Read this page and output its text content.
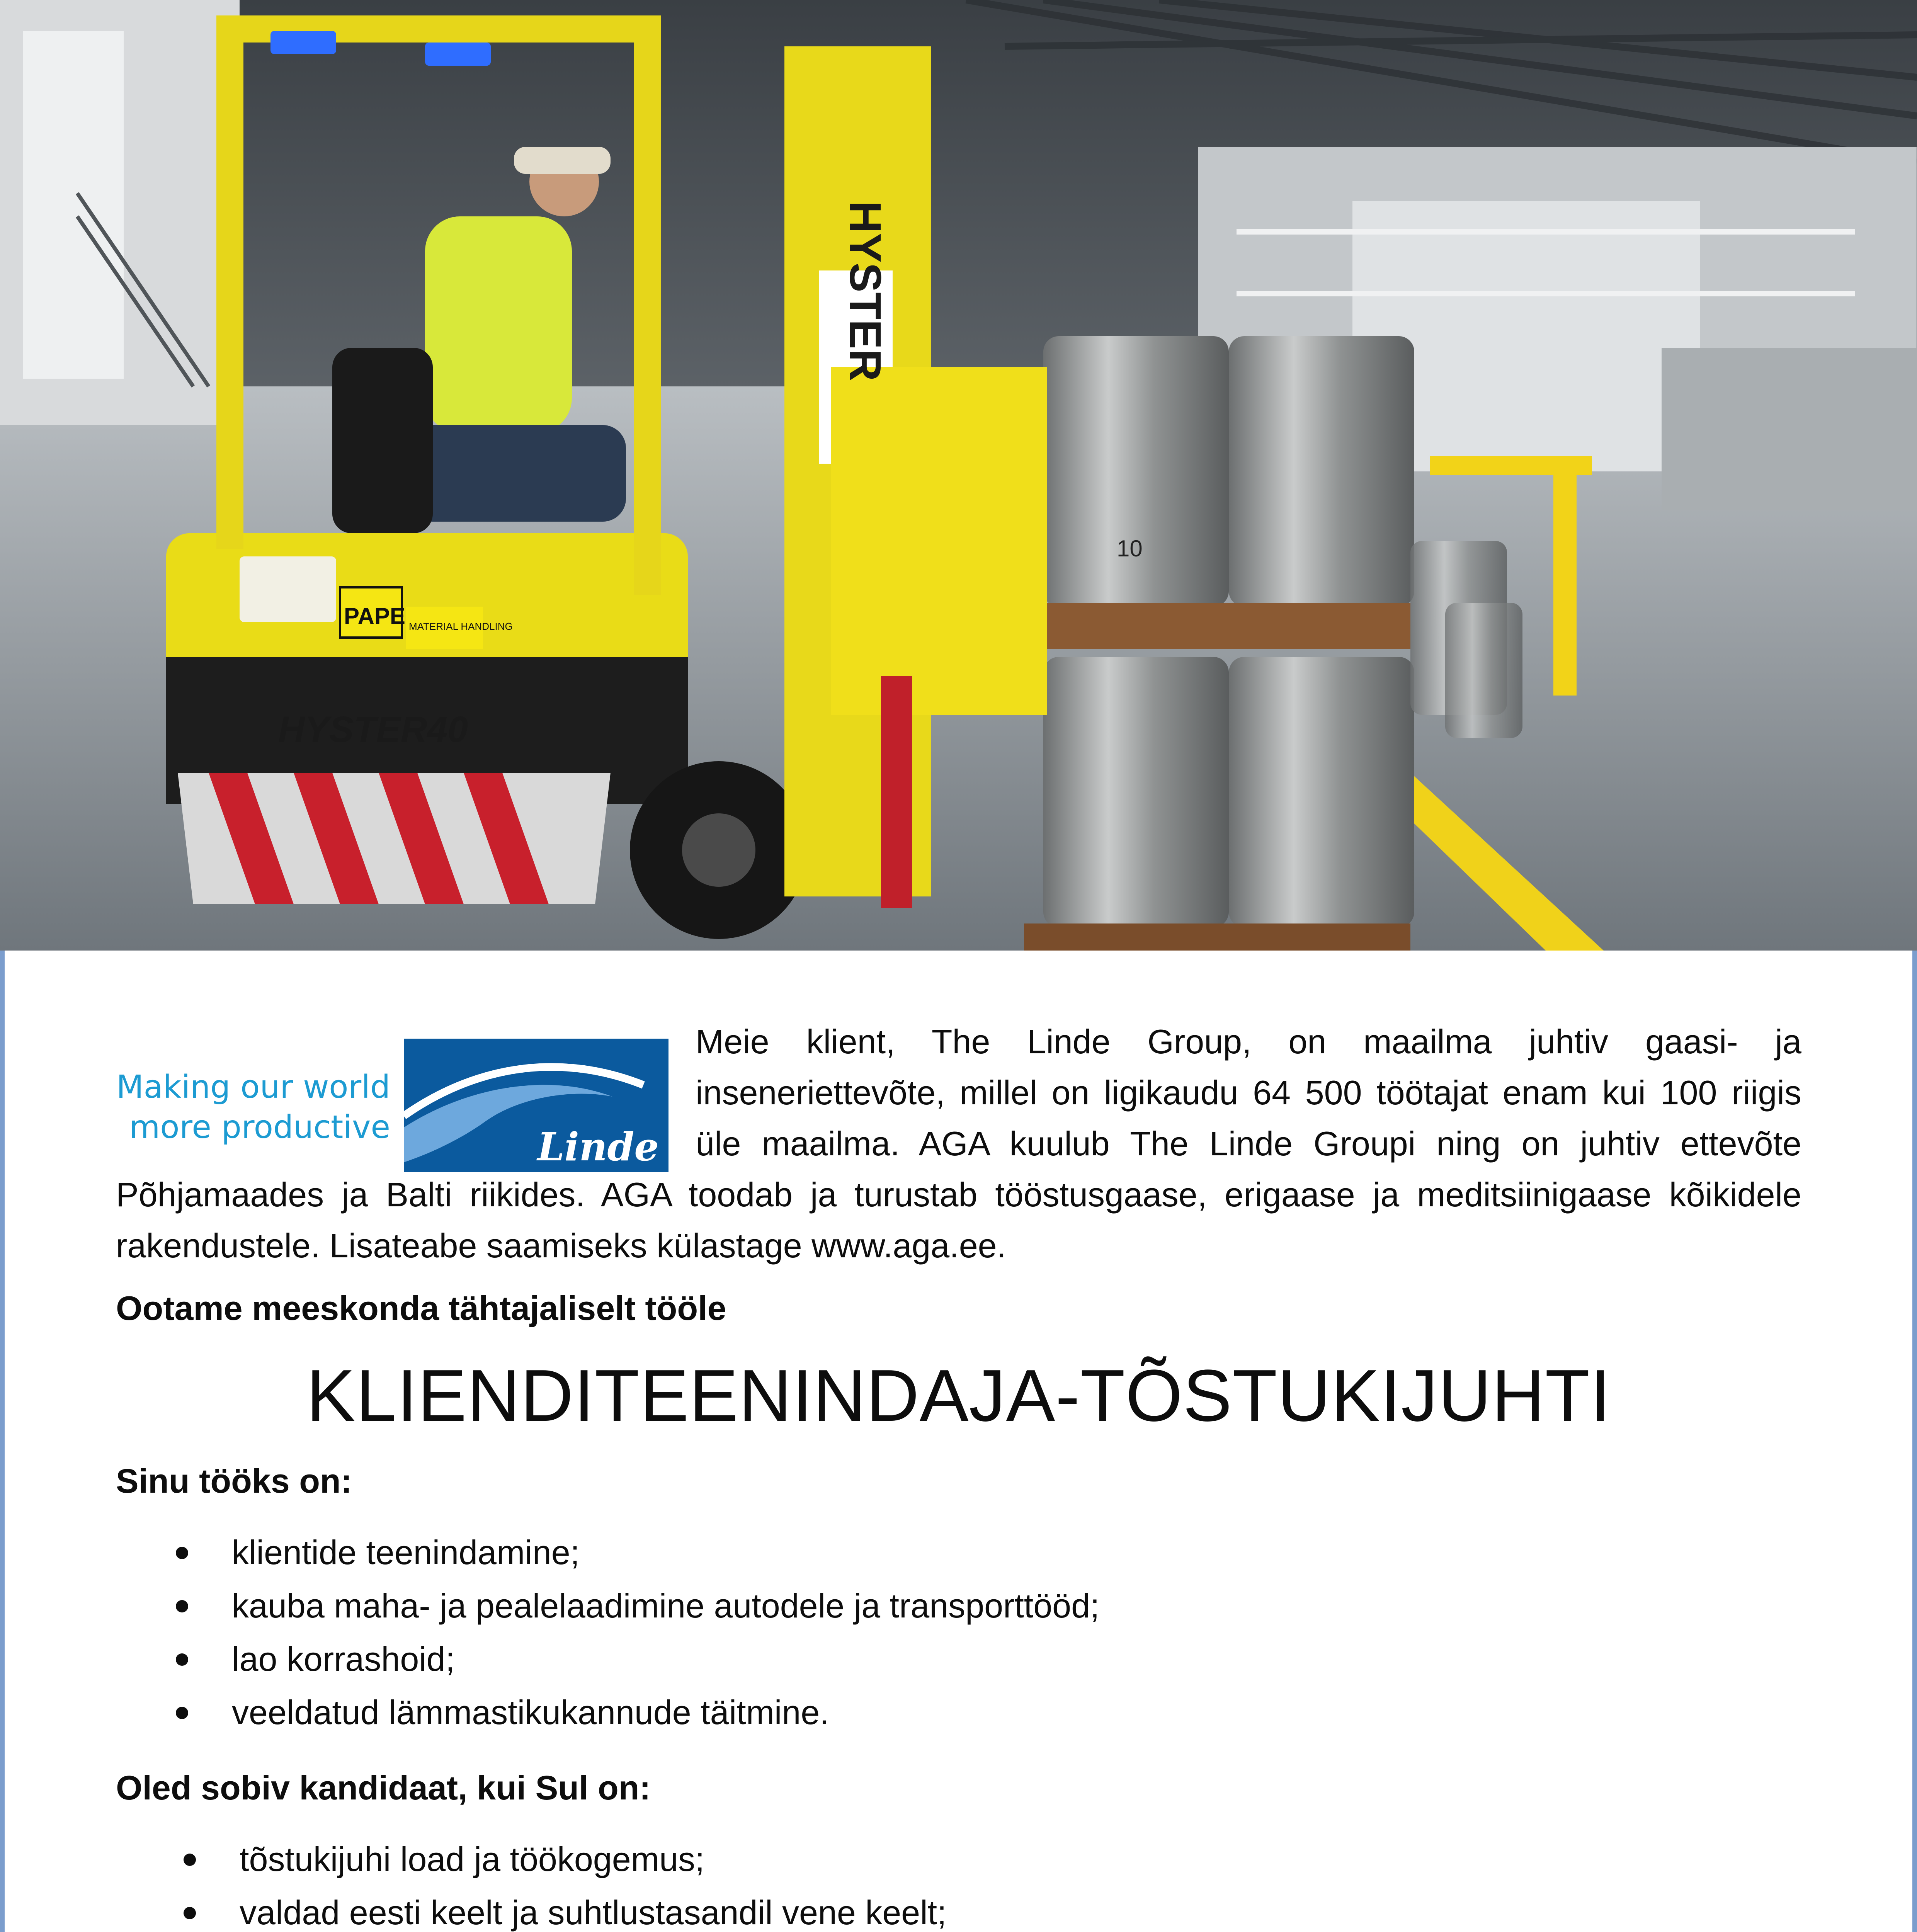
HYSTER40
HYSTER
PAPE MATERIAL HANDLING
10
Making our world
more productive	Linde

Meie klient, The Linde Group, on maailma juhtiv gaasi- ja inseneriettevõte, millel on ligikaudu 64 500 töötajat enam kui 100 riigis üle maailma. AGA kuulub The Linde Groupi ning on juhtiv ettevõte Põhjamaades ja Balti riikides. AGA toodab ja turustab tööstusgaase, erigaase ja meditsiinigaase kõikidele rakendustele. Lisateabe saamiseks külastage www.aga.ee.

Ootame meeskonda tähtajaliselt tööle

KLIENDITEENINDAJA-TÕSTUKIJUHTI

Sinu tööks on:

klientide teenindamine;
kauba maha- ja pealelaadimine autodele ja transporttööd;
lao korrashoid;
veeldatud lämmastikukannude täitmine.

Oled sobiv kandidaat, kui Sul on:

tõstukijuhi load ja töökogemus;
valdad eesti keelt ja suhtlustasandil vene keelt;
